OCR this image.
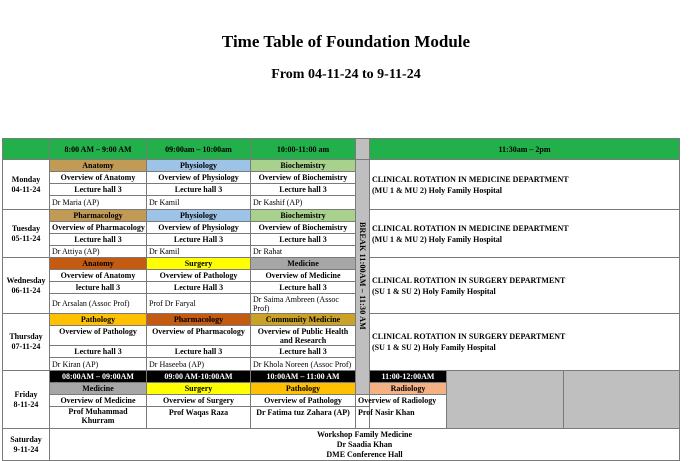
Time Table of Foundation Module
From 04-11-24 to 9-11-24
	8:00 AM – 9:00 AM	09:00am – 10:00am	10:00-11:00 am		11:30am – 2pm		
Monday
04-11-24	Anatomy	Physiology	Biochemistry	BREAK 11:00AM – 11:30 AM	CLINICAL ROTATION IN MEDICINE DEPARTMENT
(MU 1 & MU 2) Holy Family Hospital		
	Overview of Anatomy	Overview of Physiology	Overview of Biochemistry				
	Lecture hall 3	Lecture hall 3	Lecture hall 3				
	Dr Maria (AP)	Dr Kamil	Dr Kashif (AP)				
Tuesday
05-11-24	Pharmacology	Physiology	Biochemistry		CLINICAL ROTATION IN MEDICINE DEPARTMENT
(MU 1 & MU 2) Holy Family Hospital		
	Overview of Pharmacology	Overview of Physiology	Overview of Biochemistry				
	Lecture hall 3	Lecture Hall 3	Lecture hall 3				
	Dr Attiya (AP)	Dr Kamil	Dr Rahat				
Wednesday
06-11-24	Anatomy	Surgery	Medicine		CLINICAL ROTATION IN SURGERY DEPARTMENT
(SU 1 & SU 2) Holy Family Hospital		
	Overview of Anatomy	Overview of Pathology	Overview of Medicine				
	lecture hall 3	Lecture Hall 3	Lecture hall 3				
	Dr Arsalan (Assoc Prof)	Prof Dr Faryal	Dr Saima Ambreen (Assoc Prof)				
Thursday
07-11-24	Pathology	Pharmacology	Community Medicine		CLINICAL ROTATION IN SURGERY DEPARTMENT
(SU 1 & SU 2) Holy Family Hospital		
	Overview of Pathology	Overview of Pharmacology	Overview of Public Health and Research				
	Lecture hall 3	Lecture hall 3	Lecture hall 3				
	Dr Kiran (AP)	Dr Haseeba (AP)	Dr Khola Noreen (Assoc Prof)				
Friday
8-11-24	08:00AM – 09:00AM	09:00 AM-10:00AM	10:00AM – 11:00 AM		11:00-12:00AM		
	Medicine	Surgery	Pathology		Radiology		
	Overview of Medicine	Overview of Surgery	Overview of Pathology	Overview of Radiology			
	Prof Muhammad Khurram	Prof Waqas Raza	Dr Fatima tuz Zahara (AP)	Prof Nasir Khan			
Saturday
9-11-24	Workshop Family Medicine
Dr Saadia Khan
DME Conference Hall						
